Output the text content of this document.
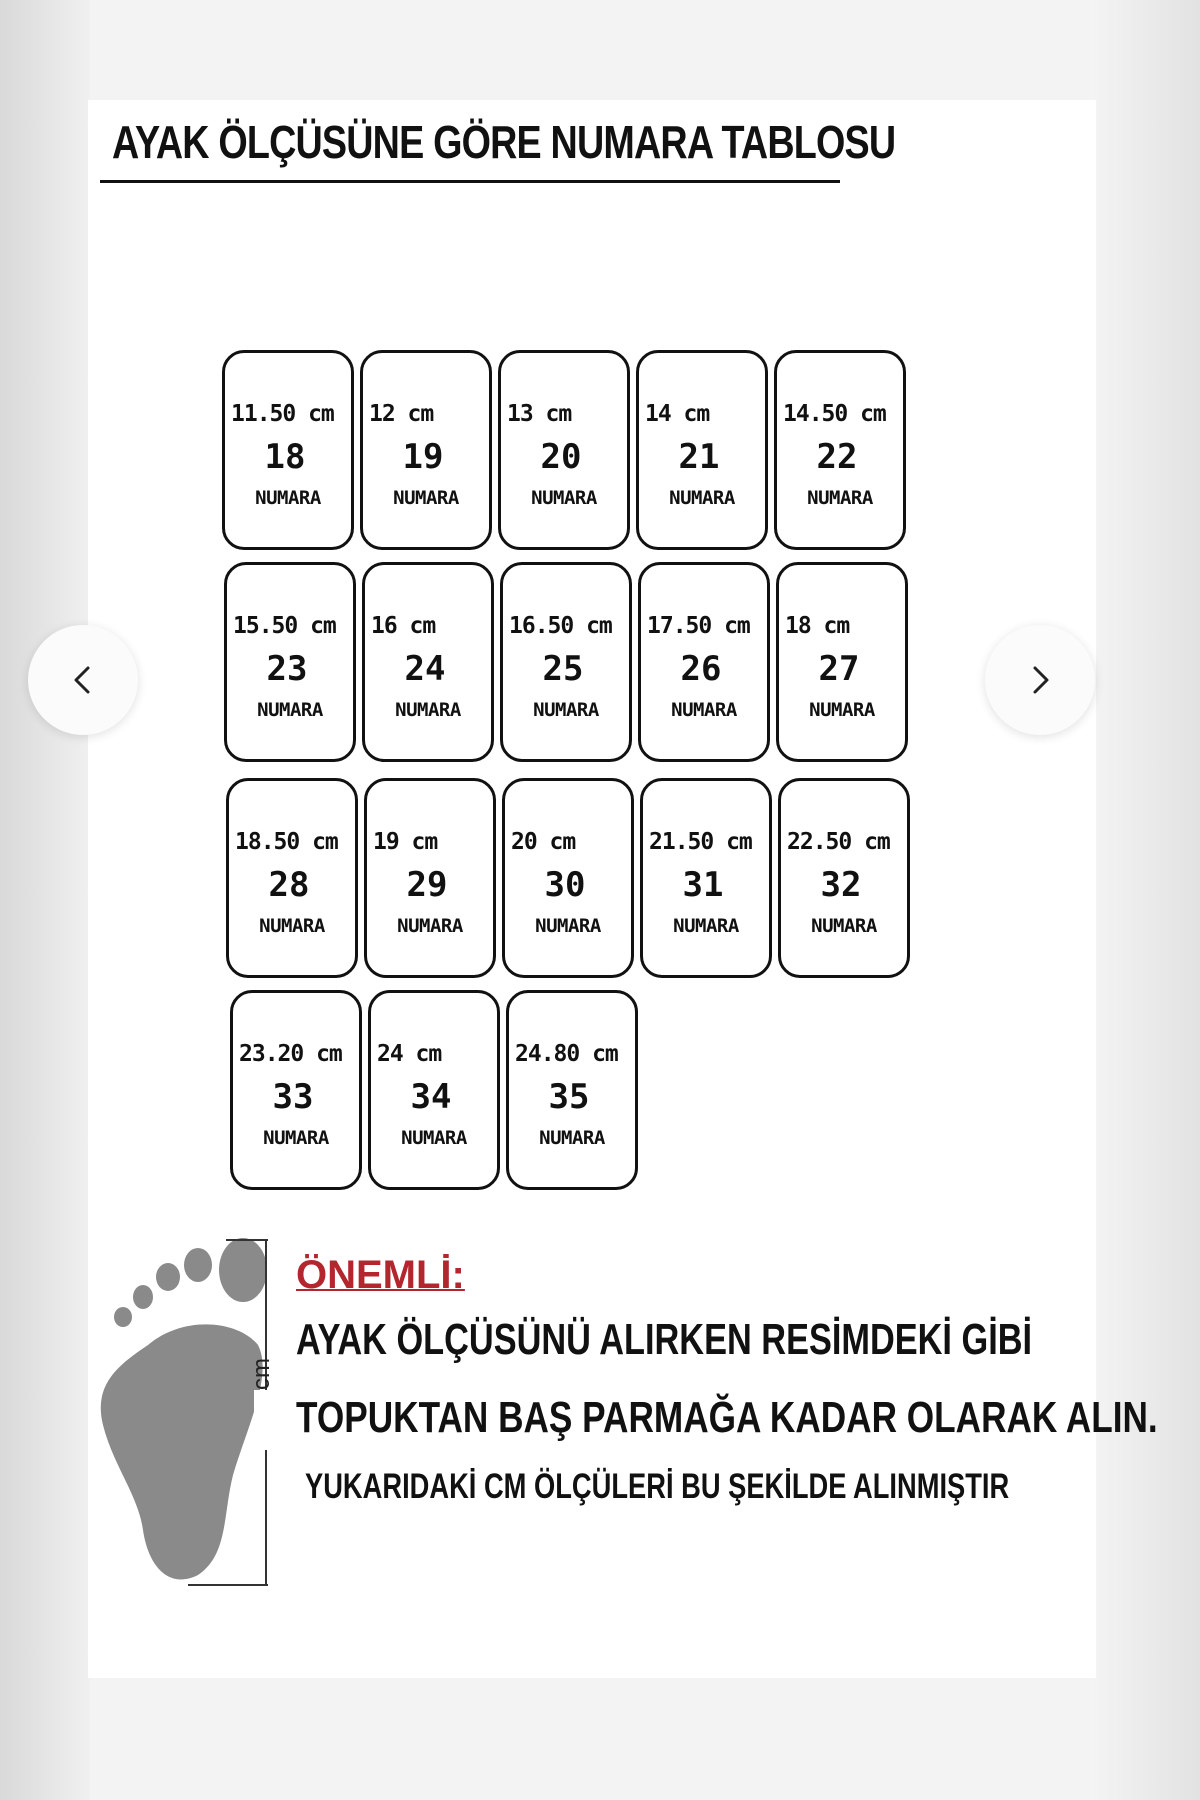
AYAK ÖLÇÜSÜNE GÖRE NUMARA TABLOSU
11.50 cm
18
NUMARA
12 cm
19
NUMARA
13 cm
20
NUMARA
14 cm
21
NUMARA
14.50 cm
22
NUMARA
15.50 cm
23
NUMARA
16 cm
24
NUMARA
16.50 cm
25
NUMARA
17.50 cm
26
NUMARA
18 cm
27
NUMARA
18.50 cm
28
NUMARA
19 cm
29
NUMARA
20 cm
30
NUMARA
21.50 cm
31
NUMARA
22.50 cm
32
NUMARA
23.20 cm
33
NUMARA
24 cm
34
NUMARA
24.80 cm
35
NUMARA
cm
ÖNEMLİ:
AYAK ÖLÇÜSÜNÜ ALIRKEN RESİMDEKİ GİBİ
TOPUKTAN BAŞ PARMAĞA KADAR OLARAK ALIN.
YUKARIDAKİ CM ÖLÇÜLERİ BU ŞEKİLDE ALINMIŞTIR
